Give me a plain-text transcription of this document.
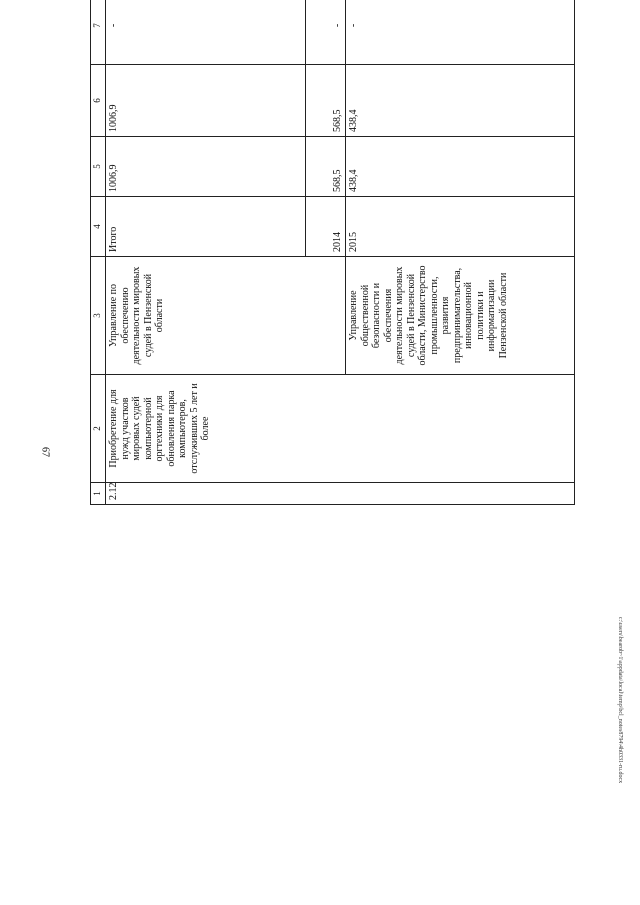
67
1	2	3	4	5	6	7				
2.12	Приобретение для нужд участков мировых судей компьютерной оргтехники для обновления парка компьютеров, отслуживших 5 лет и более	Управление по обеспечению деятельности мировых судей в Пензенской области	Итого	1006,9	1006,9	-				
			2014	568,5	568,5	-			
		Управление общественной безопасности и обеспечения деятельности мировых судей в Пензенской области, Министерство промышленности, развития предпринимательства, инновационной политики и информатизации Пензенской области	2015	438,4	438,4	-			
c:\users\bearob~1\appdata\local\temp\bcl_notes8794\4h0331-ru.docx
